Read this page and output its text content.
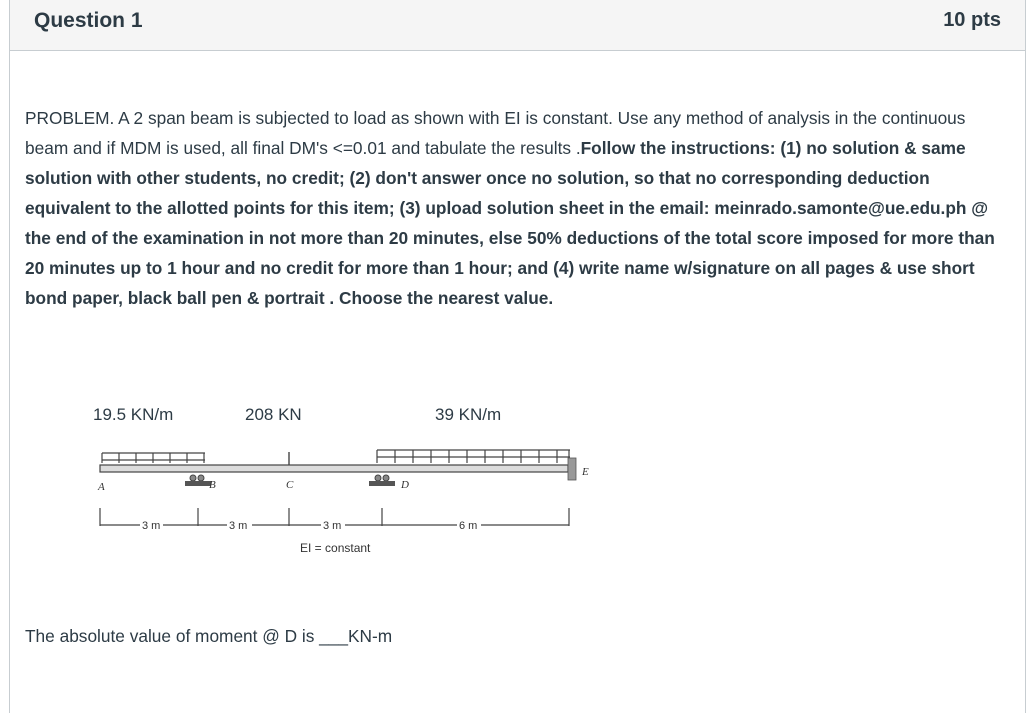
Question 1	10 pts
PROBLEM. A 2 span beam is subjected to load as shown with EI is constant. Use any method of analysis in the continuous beam and if MDM is used, all final DM's <=0.01 and tabulate the results .Follow the instructions: (1) no solution & same solution with other students, no credit; (2) don't answer once no solution, so that no corresponding deduction equivalent to the allotted points for this item; (3) upload solution sheet in the email: meinrado.samonte@ue.edu.ph @ the end of the examination in not more than 20 minutes, else 50% deductions of the total score imposed for more than 20 minutes up to 1 hour and no credit for more than 1 hour; and (4) write name w/signature on all pages & use short bond paper, black ball pen & portrait . Choose the nearest value.
19.5 KN/m	208 KN	39 KN/m
A	B	C	D
E
3 m	3 m	3 m	6 m
EI = constant
The absolute value of moment @ D is ___KN-m
